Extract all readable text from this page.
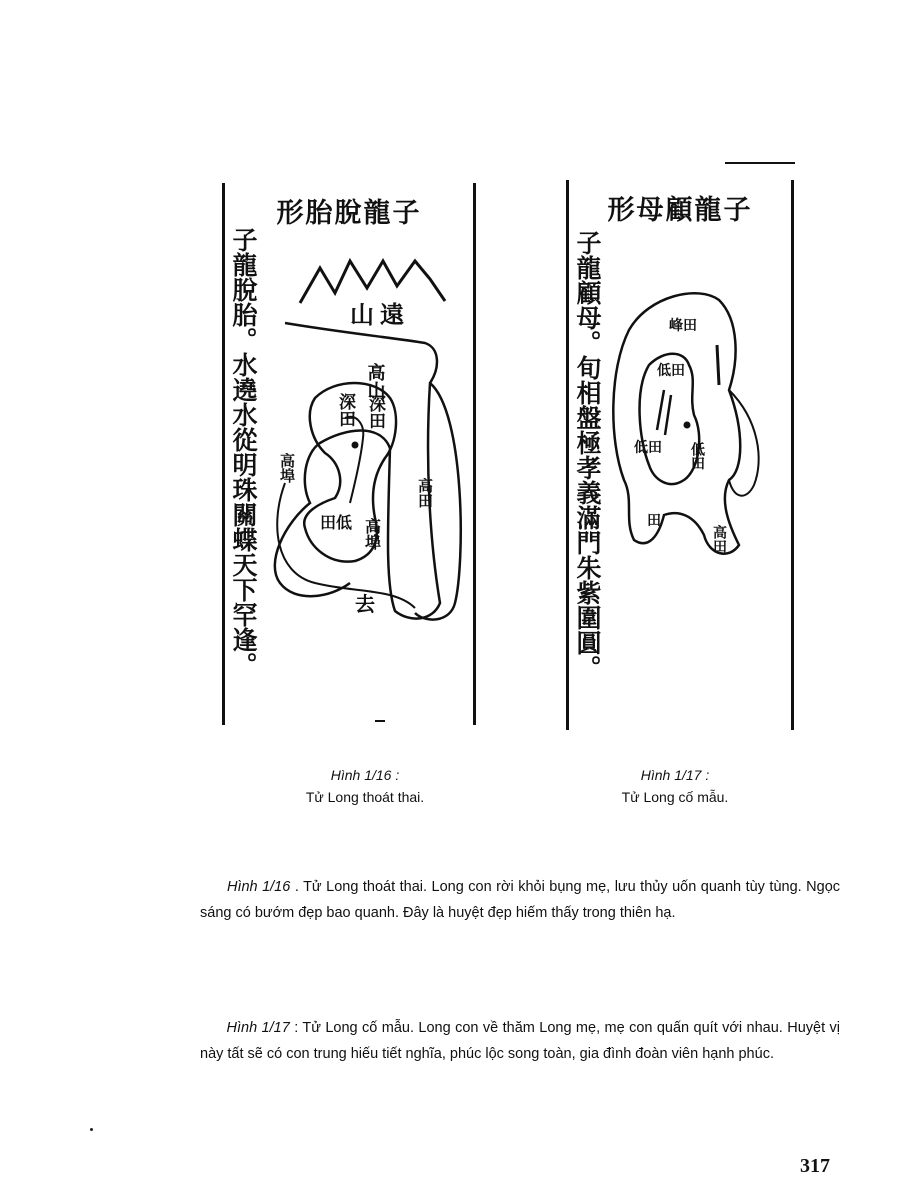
形胎脫龍子
子龍脫胎。水遶水從明珠關蝶天下罕逢。	山 遠
高山
深田 深田
高埠
高田
田低 高埠
去
形母顧龍子
子龍顧母。旬相盤極孝義滿門朱紫圍圓。	峰田
低田
低田 低田
田
高田
Hình 1/16 :
Tử Long thoát thai.
Hình 1/17 :
Tử Long cố mẫu.

Hình 1/16 . Tử Long thoát thai. Long con rời khỏi bụng mẹ, lưu thủy uốn quanh tùy tùng. Ngọc sáng có bướm đẹp bao quanh. Đây là huyệt đẹp hiếm thấy trong thiên hạ.

Hình 1/17 : Tử Long cố mẫu. Long con về thăm Long mẹ, mẹ con quấn quít với nhau. Huyệt vị này tất sẽ có con trung hiếu tiết nghĩa, phúc lộc song toàn, gia đình đoàn viên hạnh phúc.

317
